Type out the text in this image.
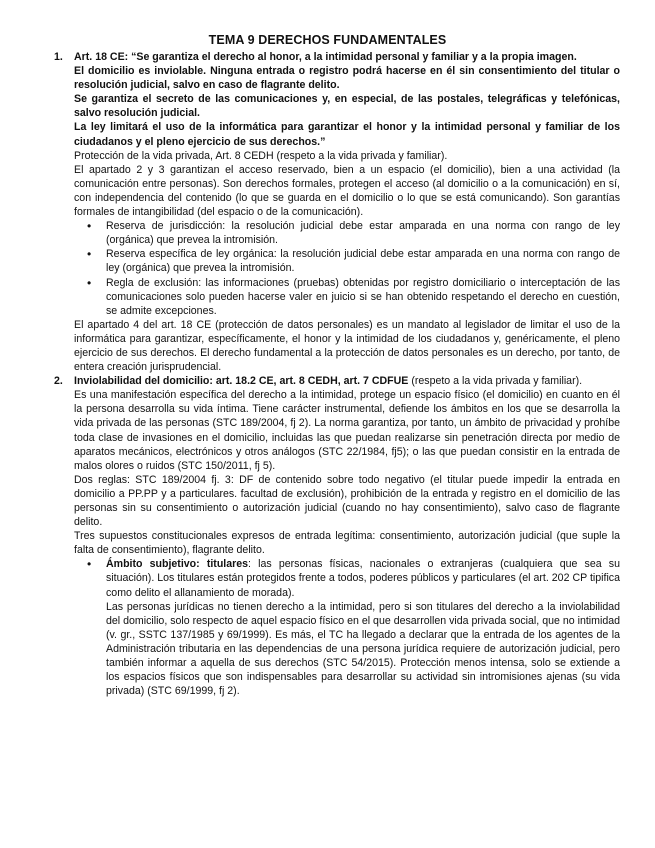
TEMA 9 DERECHOS FUNDAMENTALES
1. Art. 18 CE: “Se garantiza el derecho al honor, a la intimidad personal y familiar y a la propia imagen.

El domicilio es inviolable. Ninguna entrada o registro podrá hacerse en él sin consentimiento del titular o resolución judicial, salvo en caso de flagrante delito.

Se garantiza el secreto de las comunicaciones y, en especial, de las postales, telegráficas y telefónicas, salvo resolución judicial.

La ley limitará el uso de la informática para garantizar el honor y la intimidad personal y familiar de los ciudadanos y el pleno ejercicio de sus derechos.”

Protección de la vida privada, Art. 8 CEDH (respeto a la vida privada y familiar).

El apartado 2 y 3 garantizan el acceso reservado, bien a un espacio (el domicilio), bien a una actividad (la comunicación entre personas). Son derechos formales, protegen el acceso (al domicilio o a la comunicación) en sí, con independencia del contenido (lo que se guarda en el domicilio o lo que se está comunicando). Son garantías formales de intangibilidad (del espacio o de la comunicación).

• Reserva de jurisdicción: la resolución judicial debe estar amparada en una norma con rango de ley (orgánica) que prevea la intromisión.
• Reserva específica de ley orgánica: la resolución judicial debe estar amparada en una norma con rango de ley (orgánica) que prevea la intromisión.
• Regla de exclusión: las informaciones (pruebas) obtenidas por registro domiciliario o interceptación de las comunicaciones solo pueden hacerse valer en juicio si se han obtenido respetando el derecho en cuestión, se admite excepciones.

El apartado 4 del art. 18 CE (protección de datos personales) es un mandato al legislador de limitar el uso de la informática para garantizar, específicamente, el honor y la intimidad de los ciudadanos y, genéricamente, el pleno ejercicio de sus derechos. El derecho fundamental a la protección de datos personales es un derecho, por tanto, de entera creación jurisprudencial.

2. Inviolabilidad del domicilio: art. 18.2 CE, art. 8 CEDH, art. 7 CDFUE (respeto a la vida privada y familiar).

Es una manifestación específica del derecho a la intimidad, protege un espacio físico (el domicilio) en cuanto en él la persona desarrolla su vida íntima. Tiene carácter instrumental, defiende los ámbitos en los que se desarrolla la vida privada de las personas (STC 189/2004, fj 2). La norma garantiza, por tanto, un ámbito de privacidad y prohíbe toda clase de invasiones en el domicilio, incluidas las que puedan realizarse sin penetración directa por medio de aparatos mecánicos, electrónicos y otros análogos (STC 22/1984, fj5); o las que puedan consistir en la entrada de malos olores o ruidos (STC 150/2011, fj 5).

Dos reglas: STC 189/2004 fj. 3: DF de contenido sobre todo negativo (el titular puede impedir la entrada en domicilio a PP.PP y a particulares. facultad de exclusión), prohibición de la entrada y registro en el domicilio de las personas sin su consentimiento o autorización judicial (cuando no hay consentimiento), salvo caso de flagrante delito.

Tres supuestos constitucionales expresos de entrada legítima: consentimiento, autorización judicial (que suple la falta de consentimiento), flagrante delito.

• Ámbito subjetivo: titulares: las personas físicas, nacionales o extranjeras (cualquiera que sea su situación). Los titulares están protegidos frente a todos, poderes públicos y particulares (el art. 202 CP tipifica como delito el allanamiento de morada).

Las personas jurídicas no tienen derecho a la intimidad, pero si son titulares del derecho a la inviolabilidad del domicilio, solo respecto de aquel espacio físico en el que desarrollen vida privada social, que no intimidad (v. gr., SSTC 137/1985 y 69/1999). Es más, el TC ha llegado a declarar que la entrada de los agentes de la Administración tributaria en las dependencias de una persona jurídica requiere de autorización judicial, pero también informar a aquella de sus derechos (STC 54/2015). Protección menos intensa, solo se extiende a los espacios físicos que son indispensables para desarrollar su actividad sin intromisiones ajenas (su vida privada) (STC 69/1999, fj 2).
